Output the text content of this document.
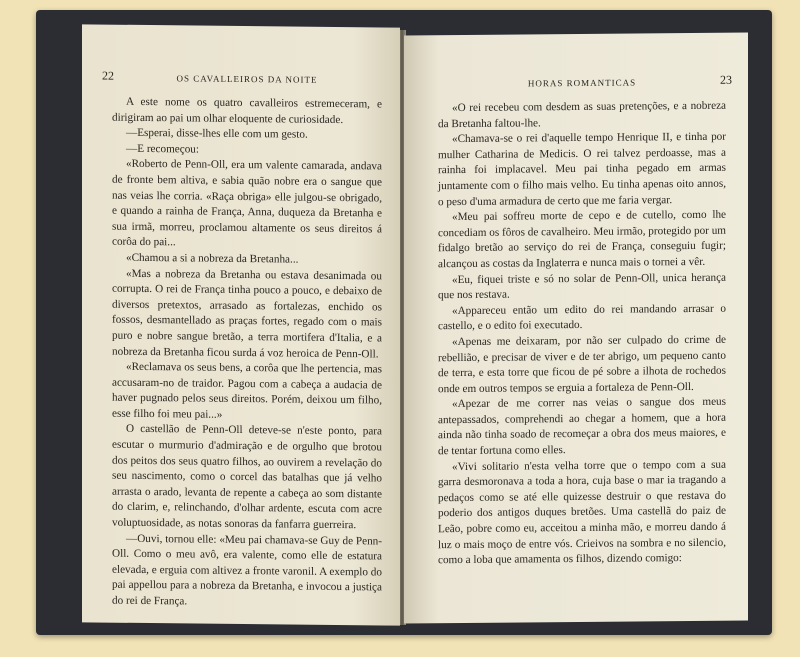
22	OS CAVALLEIROS DA NOITE

A este nome os quatro cavalleiros estremeceram, e dirigiram ao pai um olhar eloquente de curiosidade.

—Esperai, disse-lhes elle com um gesto.

—E recomeçou:

«Roberto de Penn-Oll, era um valente camarada, andava de fronte bem altiva, e sabia quão nobre era o sangue que nas veias lhe corria. «Raça obriga» elle julgou-se obrigado, e quando a rainha de França, Anna, duqueza da Bretanha e sua irmã, morreu, proclamou altamente os seus direitos á corôa do pai...

«Chamou a si a nobreza da Bretanha...

«Mas a nobreza da Bretanha ou estava desanimada ou corrupta. O rei de França tinha pouco a pouco, e debaixo de diversos pretextos, arrasado as fortalezas, enchido os fossos, desmantellado as praças fortes, regado com o mais puro e nobre sangue bretão, a terra mortifera d'Italia, e a nobreza da Bretanha ficou surda á voz heroica de Penn-Oll.

«Reclamava os seus bens, a corôa que lhe pertencia, mas accusaram-no de traidor. Pagou com a cabeça a audacia de haver pugnado pelos seus direitos. Porém, deixou um filho, esse filho foi meu pai...»

O castellão de Penn-Oll deteve-se n'este ponto, para escutar o murmurio d'admiração e de orgulho que brotou dos peitos dos seus quatro filhos, ao ouvirem a revelação do seu nascimento, como o corcel das batalhas que já velho arrasta o arado, levanta de repente a cabeça ao som distante do clarim, e, relinchando, d'olhar ardente, escuta com acre voluptuosidade, as notas sonoras da fanfarra guerreira.

—Ouvi, tornou elle: «Meu pai chamava-se Guy de Penn-Oll. Como o meu avô, era valente, como elle de estatura elevada, e erguia com altivez a fronte varonil. A exemplo do pai appellou para a nobreza da Bretanha, e invocou a justiça do rei de França.

HORAS ROMANTICAS	23

«O rei recebeu com desdem as suas pretenções, e a nobreza da Bretanha faltou-lhe.

«Chamava-se o rei d'aquelle tempo Henrique II, e tinha por mulher Catharina de Medicis. O rei talvez perdoasse, mas a rainha foi implacavel. Meu pai tinha pegado em armas juntamente com o filho mais velho. Eu tinha apenas oito annos, o peso d'uma armadura de certo que me faria vergar.

«Meu pai soffreu morte de cepo e de cutello, como lhe concediam os fôros de cavalheiro. Meu irmão, protegido por um fidalgo bretão ao serviço do rei de França, conseguiu fugir; alcançou as costas da Inglaterra e nunca mais o tornei a vêr.

«Eu, fiquei triste e só no solar de Penn-Oll, unica herança que nos restava.

«Appareceu então um edito do rei mandando arrasar o castello, e o edito foi executado.

«Apenas me deixaram, por não ser culpado do crime de rebellião, e precisar de viver e de ter abrigo, um pequeno canto de terra, e esta torre que ficou de pé sobre a ilhota de rochedos onde em outros tempos se erguia a fortaleza de Penn-Oll.

«Apezar de me correr nas veias o sangue dos meus antepassados, comprehendi ao chegar a homem, que a hora ainda não tinha soado de recomeçar a obra dos meus maiores, e de tentar fortuna como elles.

«Vivi solitario n'esta velha torre que o tempo com a sua garra desmoronava a toda a hora, cuja base o mar ia tragando a pedaços como se até elle quizesse destruir o que restava do poderio dos antigos duques bretões. Uma castellã do paiz de Leão, pobre como eu, acceitou a minha mão, e morreu dando á luz o mais moço de entre vós. Crieivos na sombra e no silencio, como a loba que amamenta os filhos, dizendo comigo:
